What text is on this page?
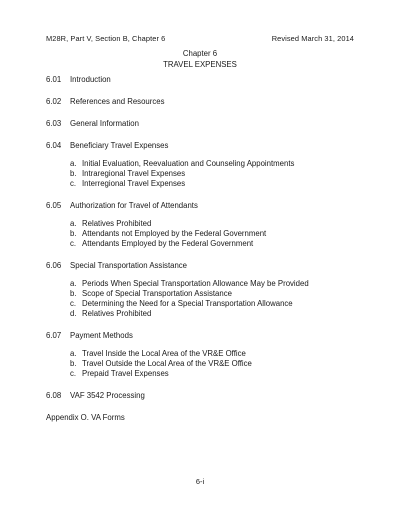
M28R, Part V, Section B, Chapter 6	Revised March 31, 2014
Chapter 6
TRAVEL EXPENSES
6.01	Introduction
6.02	References and Resources
6.03	General Information
6.04	Beneficiary Travel Expenses
a. Initial Evaluation, Reevaluation and Counseling Appointments
b. Intraregional Travel Expenses
c. Interregional Travel Expenses
6.05	Authorization for Travel of Attendants
a. Relatives Prohibited
b. Attendants not Employed by the Federal Government
c. Attendants Employed by the Federal Government
6.06	Special Transportation Assistance
a. Periods When Special Transportation Allowance May be Provided
b. Scope of Special Transportation Assistance
c. Determining the Need for a Special Transportation Allowance
d. Relatives Prohibited
6.07	Payment Methods
a. Travel Inside the Local Area of the VR&E Office
b. Travel Outside the Local Area of the VR&E Office
c. Prepaid Travel Expenses
6.08	VAF 3542 Processing
Appendix O. VA Forms
6-i
